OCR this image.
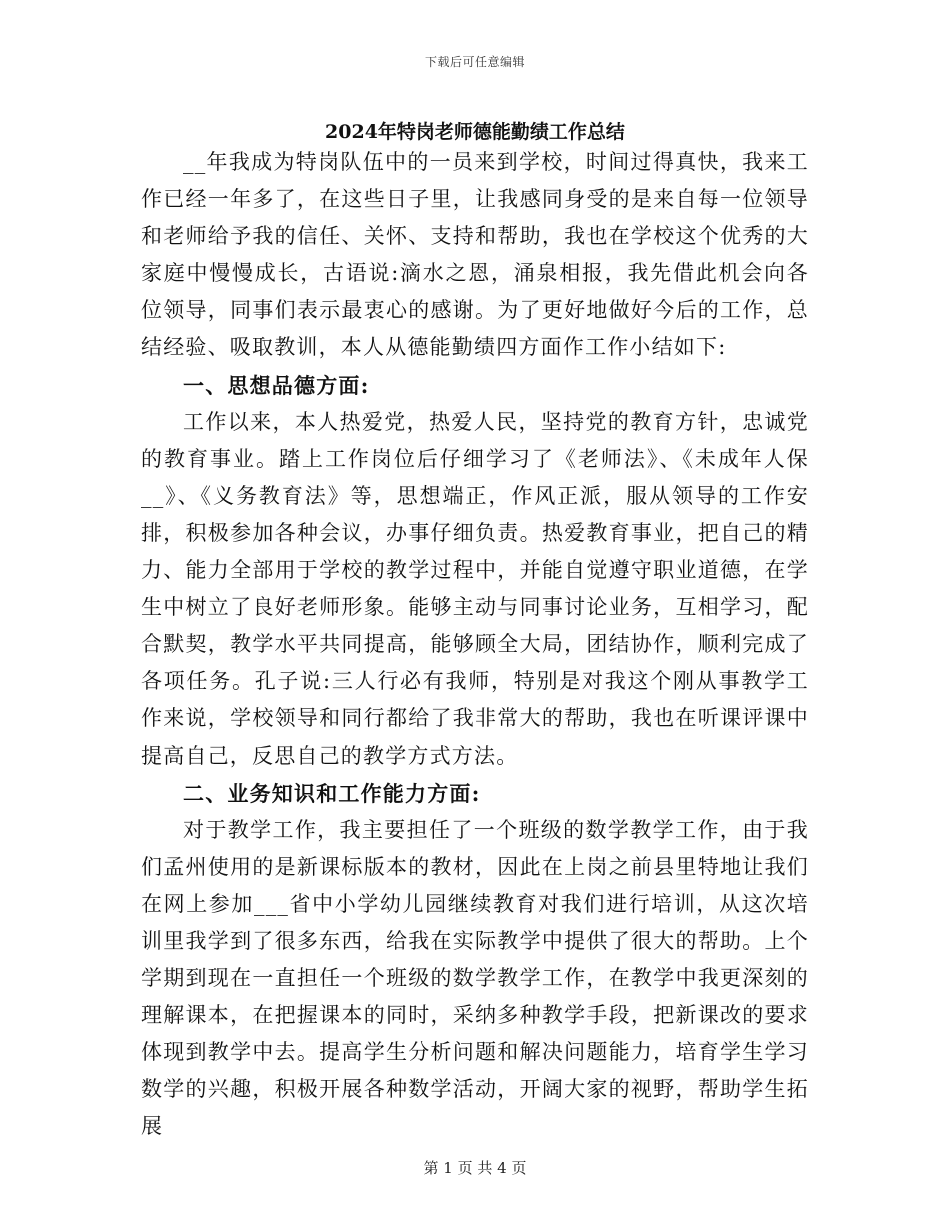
下载后可任意编辑
2024年特岗老师德能勤绩工作总结

__年我成为特岗队伍中的一员来到学校，时间过得真快，我来工作已经一年多了，在这些日子里，让我感同身受的是来自每一位领导和老师给予我的信任、关怀、支持和帮助，我也在学校这个优秀的大家庭中慢慢成长，古语说:滴水之恩，涌泉相报，我先借此机会向各位领导，同事们表示最衷心的感谢。为了更好地做好今后的工作，总结经验、吸取教训，本人从德能勤绩四方面作工作小结如下:

一、思想品德方面:

工作以来，本人热爱党，热爱人民，坚持党的教育方针，忠诚党的教育事业。踏上工作岗位后仔细学习了《老师法》、《未成年人保__》、《义务教育法》等，思想端正，作风正派，服从领导的工作安排，积极参加各种会议，办事仔细负责。热爱教育事业，把自己的精力、能力全部用于学校的教学过程中，并能自觉遵守职业道德，在学生中树立了良好老师形象。能够主动与同事讨论业务，互相学习，配合默契，教学水平共同提高，能够顾全大局，团结协作，顺利完成了各项任务。孔子说:三人行必有我师，特别是对我这个刚从事教学工作来说，学校领导和同行都给了我非常大的帮助，我也在听课评课中提高自己，反思自己的教学方式方法。

二、业务知识和工作能力方面:

对于教学工作，我主要担任了一个班级的数学教学工作，由于我们孟州使用的是新课标版本的教材，因此在上岗之前县里特地让我们在网上参加___省中小学幼儿园继续教育对我们进行培训，从这次培训里我学到了很多东西，给我在实际教学中提供了很大的帮助。上个学期到现在一直担任一个班级的数学教学工作，在教学中我更深刻的理解课本，在把握课本的同时，采纳多种教学手段，把新课改的要求体现到教学中去。提高学生分析问题和解决问题能力，培育学生学习数学的兴趣，积极开展各种数学活动，开阔大家的视野，帮助学生拓展

第 1 页 共 4 页
